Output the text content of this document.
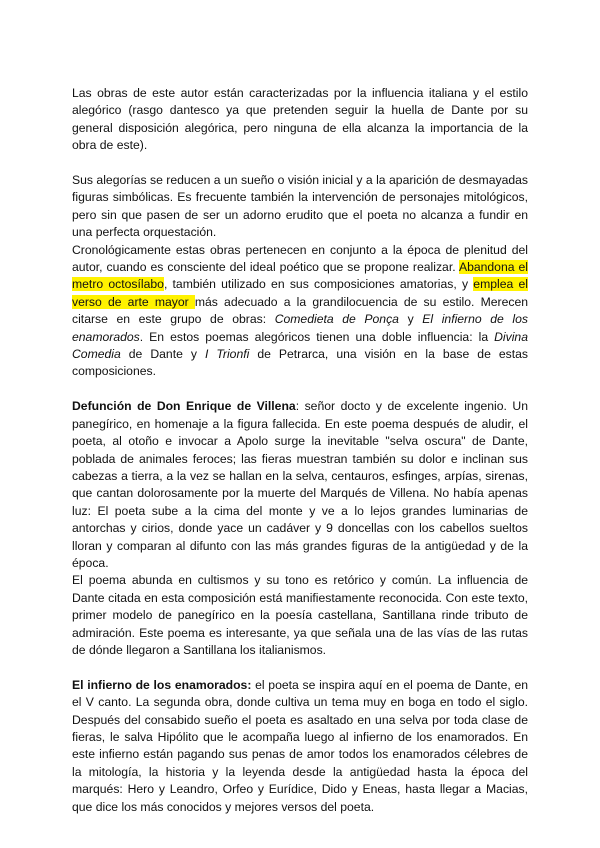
Las obras de este autor están caracterizadas por la influencia italiana y el estilo alegórico (rasgo dantesco ya que pretenden seguir la huella de Dante por su general disposición alegórica, pero ninguna de ella alcanza la importancia de la obra de este).

Sus alegorías se reducen a un sueño o visión inicial y a la aparición de desmayadas figuras simbólicas. Es frecuente también la intervención de personajes mitológicos, pero sin que pasen de ser un adorno erudito que el poeta no alcanza a fundir en una perfecta orquestación.

Cronológicamente estas obras pertenecen en conjunto a la época de plenitud del autor, cuando es consciente del ideal poético que se propone realizar. Abandona el metro octosílabo, también utilizado en sus composiciones amatorias, y emplea el verso de arte mayor más adecuado a la grandilocuencia de su estilo. Merecen citarse en este grupo de obras: Comedieta de Ponça y El infierno de los enamorados. En estos poemas alegóricos tienen una doble influencia: la Divina Comedia de Dante y I Trionfi de Petrarca, una visión en la base de estas composiciones.

Defunción de Don Enrique de Villena: señor docto y de excelente ingenio. Un panegírico, en homenaje a la figura fallecida. En este poema después de aludir, el poeta, al otoño e invocar a Apolo surge la inevitable "selva oscura" de Dante, poblada de animales feroces; las fieras muestran también su dolor e inclinan sus cabezas a tierra, a la vez se hallan en la selva, centauros, esfinges, arpías, sirenas, que cantan dolorosamente por la muerte del Marqués de Villena. No había apenas luz: El poeta sube a la cima del monte y ve a lo lejos grandes luminarias de antorchas y cirios, donde yace un cadáver y 9 doncellas con los cabellos sueltos lloran y comparan al difunto con las más grandes figuras de la antigüedad y de la época.

El poema abunda en cultismos y su tono es retórico y común. La influencia de Dante citada en esta composición está manifiestamente reconocida. Con este texto, primer modelo de panegírico en la poesía castellana, Santillana rinde tributo de admiración. Este poema es interesante, ya que señala una de las vías de las rutas de dónde llegaron a Santillana los italianismos.

El infierno de los enamorados: el poeta se inspira aquí en el poema de Dante, en el V canto. La segunda obra, donde cultiva un tema muy en boga en todo el siglo. Después del consabido sueño el poeta es asaltado en una selva por toda clase de fieras, le salva Hipólito que le acompaña luego al infierno de los enamorados. En este infierno están pagando sus penas de amor todos los enamorados célebres de la mitología, la historia y la leyenda desde la antigüedad hasta la época del marqués: Hero y Leandro, Orfeo y Eurídice, Dido y Eneas, hasta llegar a Macias, que dice los más conocidos y mejores versos del poeta.
